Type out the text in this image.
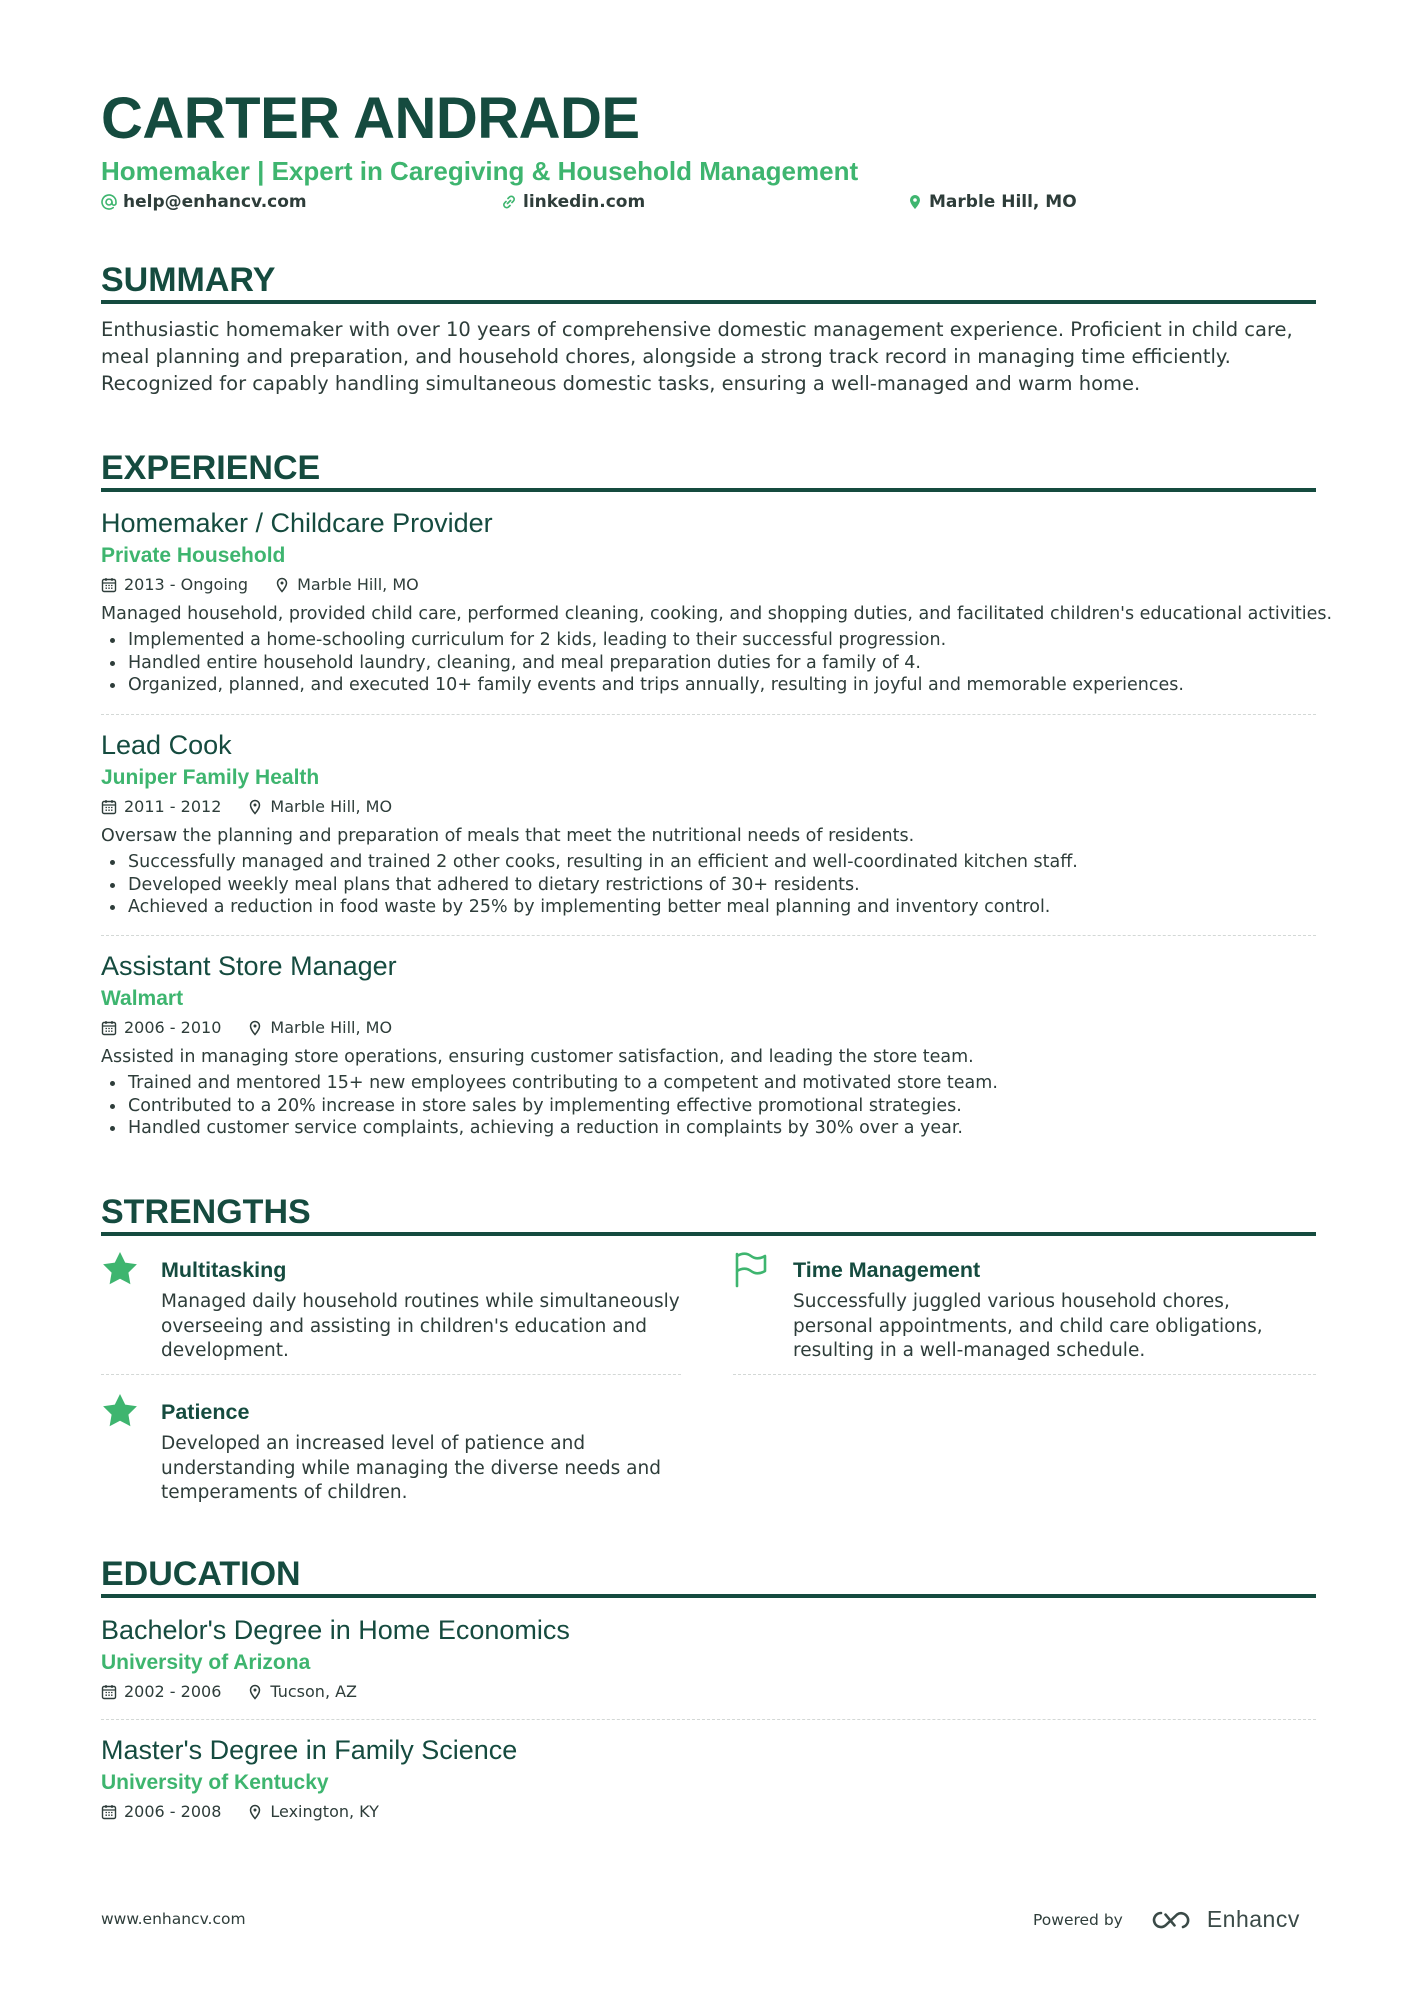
CARTER ANDRADE
Homemaker | Expert in Caregiving & Household Management
help@enhancv.com	linkedin.com	Marble Hill, MO
SUMMARY
Enthusiastic homemaker with over 10 years of comprehensive domestic management experience. Proficient in child care, meal planning and preparation, and household chores, alongside a strong track record in managing time efficiently. Recognized for capably handling simultaneous domestic tasks, ensuring a well-managed and warm home.
EXPERIENCE
Homemaker / Childcare Provider
Private Household
2013 - Ongoing	Marble Hill, MO
Managed household, provided child care, performed cleaning, cooking, and shopping duties, and facilitated children's educational activities.
Implemented a home-schooling curriculum for 2 kids, leading to their successful progression.
Handled entire household laundry, cleaning, and meal preparation duties for a family of 4.
Organized, planned, and executed 10+ family events and trips annually, resulting in joyful and memorable experiences.
Lead Cook
Juniper Family Health
2011 - 2012	Marble Hill, MO
Oversaw the planning and preparation of meals that meet the nutritional needs of residents.
Successfully managed and trained 2 other cooks, resulting in an efficient and well-coordinated kitchen staff.
Developed weekly meal plans that adhered to dietary restrictions of 30+ residents.
Achieved a reduction in food waste by 25% by implementing better meal planning and inventory control.
Assistant Store Manager
Walmart
2006 - 2010	Marble Hill, MO
Assisted in managing store operations, ensuring customer satisfaction, and leading the store team.
Trained and mentored 15+ new employees contributing to a competent and motivated store team.
Contributed to a 20% increase in store sales by implementing effective promotional strategies.
Handled customer service complaints, achieving a reduction in complaints by 30% over a year.
STRENGTHS
Multitasking
Managed daily household routines while simultaneously overseeing and assisting in children's education and development.
Time Management
Successfully juggled various household chores, personal appointments, and child care obligations, resulting in a well-managed schedule.
Patience
Developed an increased level of patience and understanding while managing the diverse needs and temperaments of children.
EDUCATION
Bachelor's Degree in Home Economics
University of Arizona
2002 - 2006	Tucson, AZ
Master's Degree in Family Science
University of Kentucky
2006 - 2008	Lexington, KY
www.enhancv.com	Powered by	Enhancv
